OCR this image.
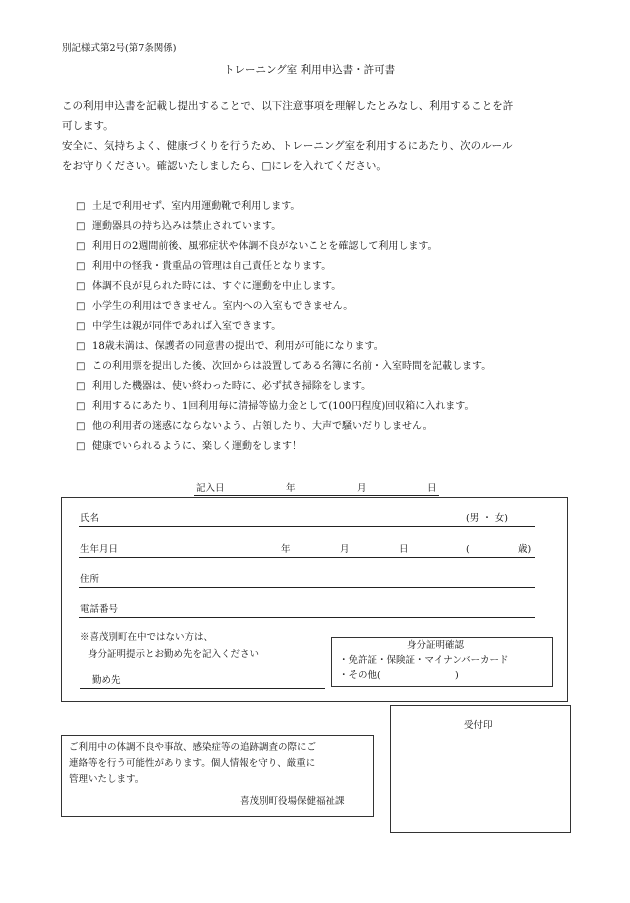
別記様式第2号(第7条関係)
トレーニング室 利用申込書・許可書
この利用申込書を記載し提出することで、以下注意事項を理解したとみなし、利用することを許
可します。
安全に、気持ちよく、健康づくりを行うため、トレーニング室を利用するにあたり、次のルール
をお守りください。確認いたしましたら、□にレを入れてください。
□ 土足で利用せず、室内用運動靴で利用します。
□ 運動器具の持ち込みは禁止されています。
□ 利用日の2週間前後、風邪症状や体調不良がないことを確認して利用します。
□ 利用中の怪我・貴重品の管理は自己責任となります。
□ 体調不良が見られた時には、すぐに運動を中止します。
□ 小学生の利用はできません。室内への入室もできません。
□ 中学生は親が同伴であれば入室できます。
□ 18歳未満は、保護者の同意書の提出で、利用が可能になります。
□ この利用票を提出した後、次回からは設置してある名簿に名前・入室時間を記載します。
□ 利用した機器は、使い終わった時に、必ず拭き掃除をします。
□ 利用するにあたり、1回利用毎に清掃等協力金として(100円程度)回収箱に入れます。
□ 他の利用者の迷惑にならないよう、占領したり、大声で騒いだりしません。
□ 健康でいられるように、楽しく運動をします！
記入日	年	月	日
氏名	(男 ・ 女)
生年月日	年	月	日	(	歳)
住所
電話番号
※喜茂別町在中ではない方は、
身分証明提示とお勤め先を記入ください
勤め先
身分証明確認
・免許証・保険証・マイナンバーカード
・その他(	)
ご利用中の体調不良や事故、感染症等の追跡調査の際にご
連絡等を行う可能性があります。個人情報を守り、厳重に
管理いたします。
喜茂別町役場保健福祉課
受付印
